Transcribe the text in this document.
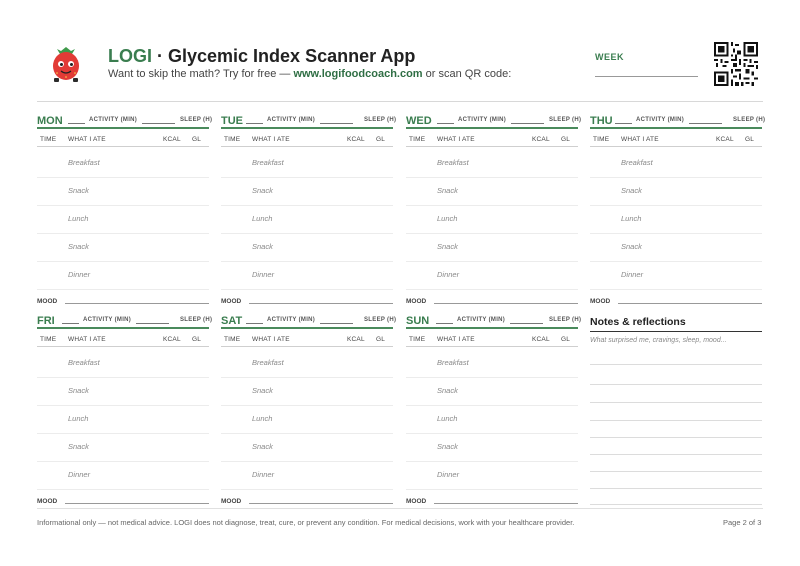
LOGI · Glycemic Index Scanner App
Want to skip the math? Try for free — www.logifoodcoach.com or scan QR code:
WEEK
MON	ACTIVITY (MIN)	SLEEP (H)
TIME WHAT I ATE	KCAL GL
Breakfast
Snack
Lunch
Snack
Dinner
MOOD
TUE	ACTIVITY (MIN)	SLEEP (H)
TIME WHAT I ATE	KCAL GL
Breakfast
Snack
Lunch
Snack
Dinner
MOOD
WED	ACTIVITY (MIN)	SLEEP (H)
TIME WHAT I ATE	KCAL GL
Breakfast
Snack
Lunch
Snack
Dinner
MOOD
THU	ACTIVITY (MIN)	SLEEP (H)
TIME WHAT I ATE	KCAL GL
Breakfast
Snack
Lunch
Snack
Dinner
MOOD
FRI	ACTIVITY (MIN)	SLEEP (H)
TIME WHAT I ATE	KCAL GL
Breakfast
Snack
Lunch
Snack
Dinner
MOOD
SAT	ACTIVITY (MIN)	SLEEP (H)
TIME WHAT I ATE	KCAL GL
Breakfast
Snack
Lunch
Snack
Dinner
MOOD
SUN	ACTIVITY (MIN)	SLEEP (H)
TIME WHAT I ATE	KCAL GL
Breakfast
Snack
Lunch
Snack
Dinner
MOOD
Notes & reflections
What surprised me, cravings, sleep, mood...
Informational only — not medical advice. LOGI does not diagnose, treat, cure, or prevent any condition. For medical decisions, work with your healthcare provider.	Page 2 of 3
